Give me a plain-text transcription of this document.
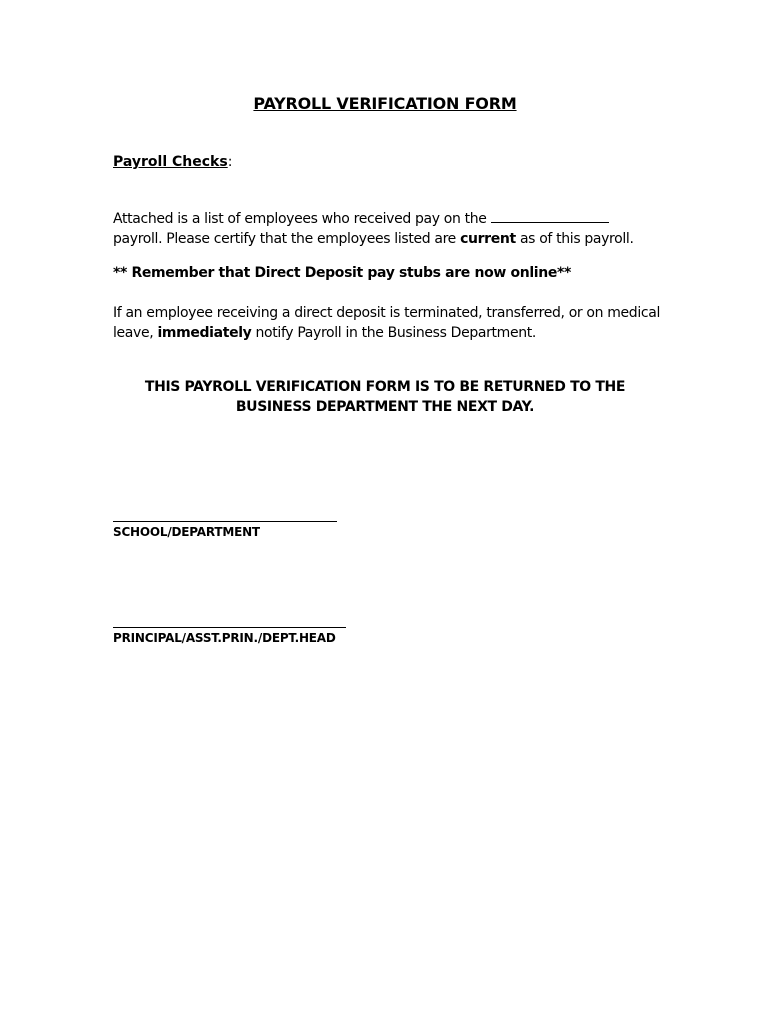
PAYROLL VERIFICATION FORM
Payroll Checks:
Attached is a list of employees who received pay on the
payroll. Please certify that the employees listed are current as of this payroll.
** Remember that Direct Deposit pay stubs are now online**
If an employee receiving a direct deposit is terminated, transferred, or on medical leave, immediately notify Payroll in the Business Department.
THIS PAYROLL VERIFICATION FORM IS TO BE RETURNED TO THE
BUSINESS DEPARTMENT THE NEXT DAY.
SCHOOL/DEPARTMENT
PRINCIPAL/ASST.PRIN./DEPT.HEAD
